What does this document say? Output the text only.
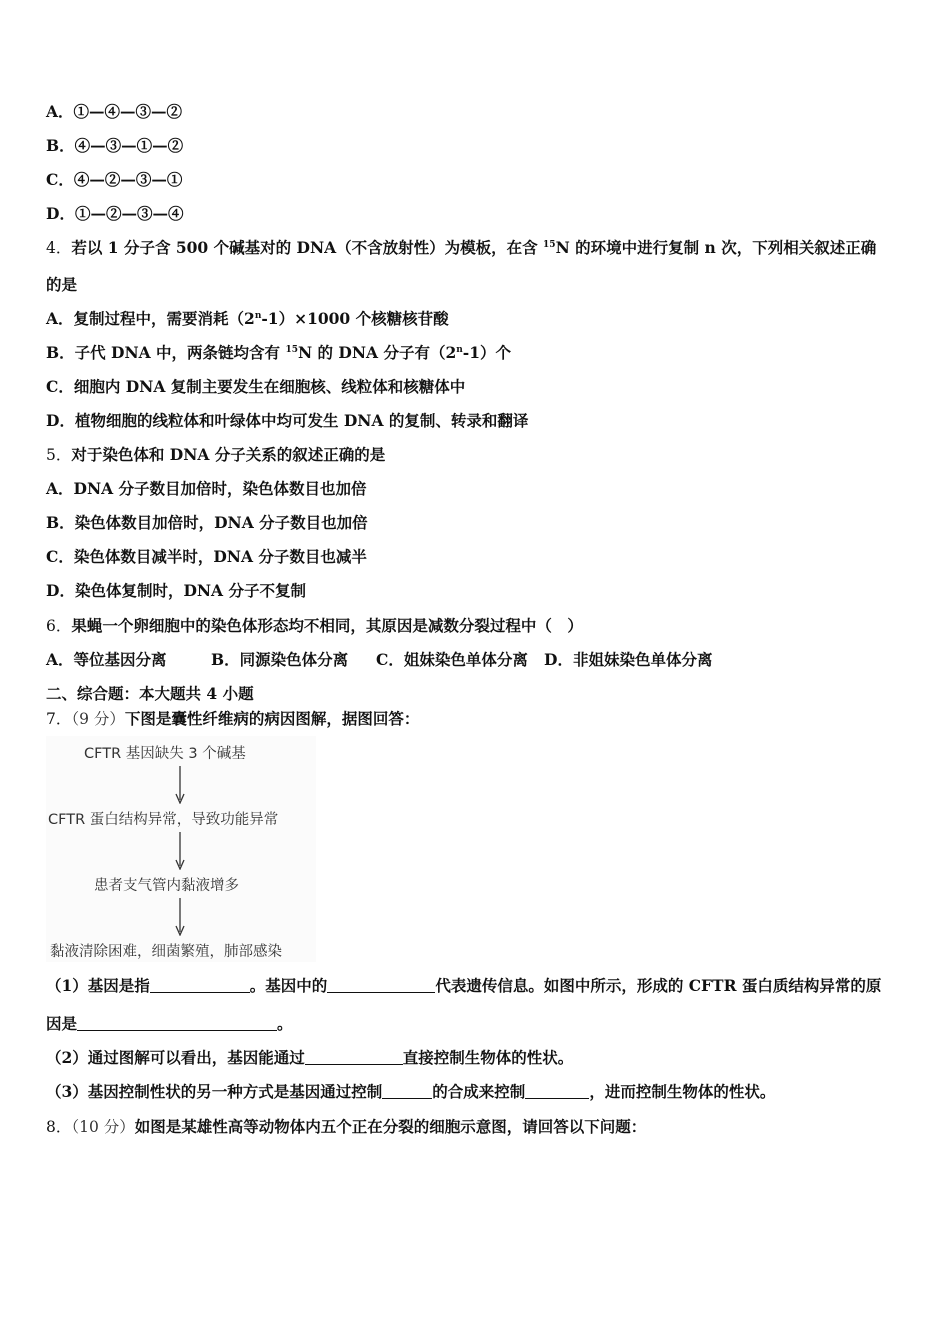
A．①—④—③—②
B．④—③—①—②
C．④—②—③—①
D．①—②—③—④
4．若以 1 分子含 500 个碱基对的 DNA（不含放射性）为模板，在含 $^{15}$N 的环境中进行复制 n 次，下列相关叙述正确
的是
A．复制过程中，需要消耗$(2^n-1)\times 1000$ 个核糖核苷酸
B．子代 DNA 中，两条链均含有 $^{15}$N 的 DNA 分子有（2$^n$-1）个
C．细胞内 DNA 复制主要发生在细胞核、线粒体和核糖体中
D．植物细胞的线粒体和叶绿体中均可发生 DNA 的复制、转录和翻译
5．对于染色体和 DNA 分子关系的叙述正确的是
A．DNA 分子数目加倍时，染色体数目也加倍
B．染色体数目加倍时，DNA 分子数目也加倍
C．染色体数目减半时，DNA 分子数目也减半
D．染色体复制时，DNA 分子不复制
6．果蝇一个卵细胞中的染色体形态均不相同，其原因是减数分裂过程中（　）
A．等位基因分离	B．同源染色体分离 C．姐妹染色单体分离 D．非姐妹染色单体分离
二、综合题：本大题共 4 小题
7．（9 分）下图是囊性纤维病的病因图解，据图回答：
CFTR 基因缺失 3 个碱基
CFTR 蛋白结构异常，导致功能异常
患者支气管内黏液增多
黏液清除困难，细菌繁殖，肺部感染
（1）基因是指	。基因中的	代表遗传信息。如图中所示，形成的 CFTR 蛋白质结构异常的原
因是	。
（2）通过图解可以看出，基因能通过	直接控制生物体的性状。
（3）基因控制性状的另一种方式是基因通过控制	的合成来控制	，进而控制生物体的性状。
8．（10 分）如图是某雄性高等动物体内五个正在分裂的细胞示意图，请回答以下问题：
